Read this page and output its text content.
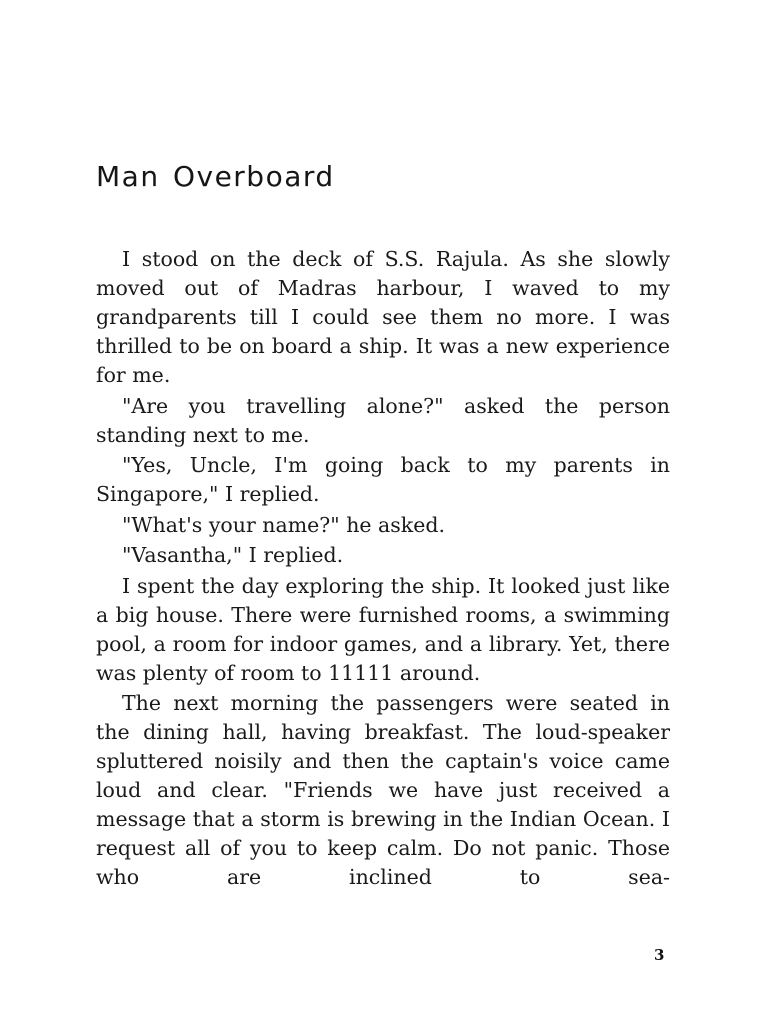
Man Overboard

I stood on the deck of S.S. Rajula. As she slowly moved out of Madras harbour, I waved to my grandparents till I could see them no more. I was thrilled to be on board a ship. It was a new experience for me.

"Are you travelling alone?" asked the person standing next to me.

"Yes, Uncle, I'm going back to my parents in Singapore," I replied.

"What's your name?" he asked.

"Vasantha," I replied.

I spent the day exploring the ship. It looked just like a big house. There were furnished rooms, a swimming pool, a room for indoor games, and a library. Yet, there was plenty of room to 11111 around.

The next morning the passengers were seated in the dining hall, having breakfast. The loud-speaker spluttered noisily and then the captain's voice came loud and clear. "Friends we have just received a message that a storm is brewing in the Indian Ocean. I request all of you to keep calm. Do not panic. Those who are inclined to sea-

3
